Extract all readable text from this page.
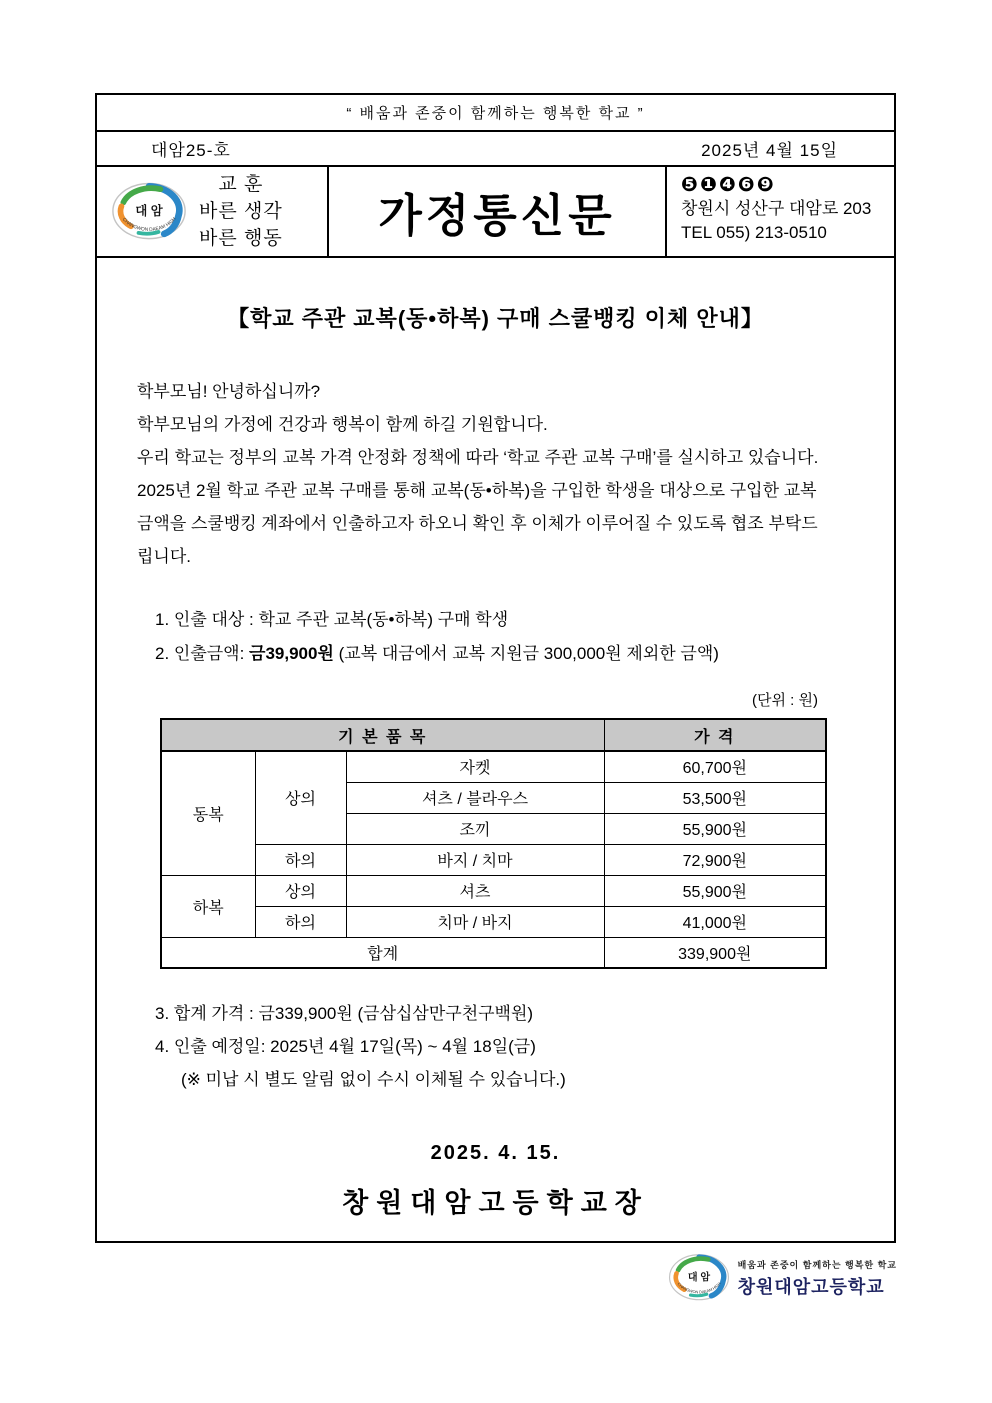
“ 배움과 존중이 함께하는 행복한 학교 ”
대암25-호	2025년 4월 15일
교 훈
바른 생각
바른 행동	가정통신문
❺❶❹❻❾
창원시 성산구 대암로 203
TEL 055) 213-0510
【학교 주관 교복(동•하복) 구매 스쿨뱅킹 이체 안내】
학부모님! 안녕하십니까?
학부모님의 가정에 건강과 행복이 함께 하길 기원합니다.
우리 학교는 정부의 교복 가격 안정화 정책에 따라 ‘학교 주관 교복 구매’를 실시하고 있습니다.
2025년 2월 학교 주관 교복 구매를 통해 교복(동•하복)을 구입한 학생을 대상으로 구입한 교복
금액을 스쿨뱅킹 계좌에서 인출하고자 하오니 확인 후 이체가 이루어질 수 있도록 협조 부탁드
립니다.
1. 인출 대상 : 학교 주관 교복(동•하복) 구매 학생
2. 인출금액: 금39,900원 (교복 대금에서 교복 지원금 300,000원 제외한 금액)
(단위 : 원)
기 본 품 목			가 격
동복	상의	자켓	60,700원
		셔츠 / 블라우스	53,500원
		조끼	55,900원
	하의	바지 / 치마	72,900원
하복	상의	셔츠	55,900원
	하의	치마 / 바지	41,000원
합계			339,900원
3. 합계 가격 : 금339,900원 (금삼십삼만구천구백원)
4. 인출 예정일: 2025년 4월 17일(목) ~ 4월 18일(금)
(※ 미납 시 별도 알림 없이 수시 이체될 수 있습니다.)
2025. 4. 15.
창원대암고등학교장
배움과 존중이 함께하는 행복한 학교
창원대암고등학교
